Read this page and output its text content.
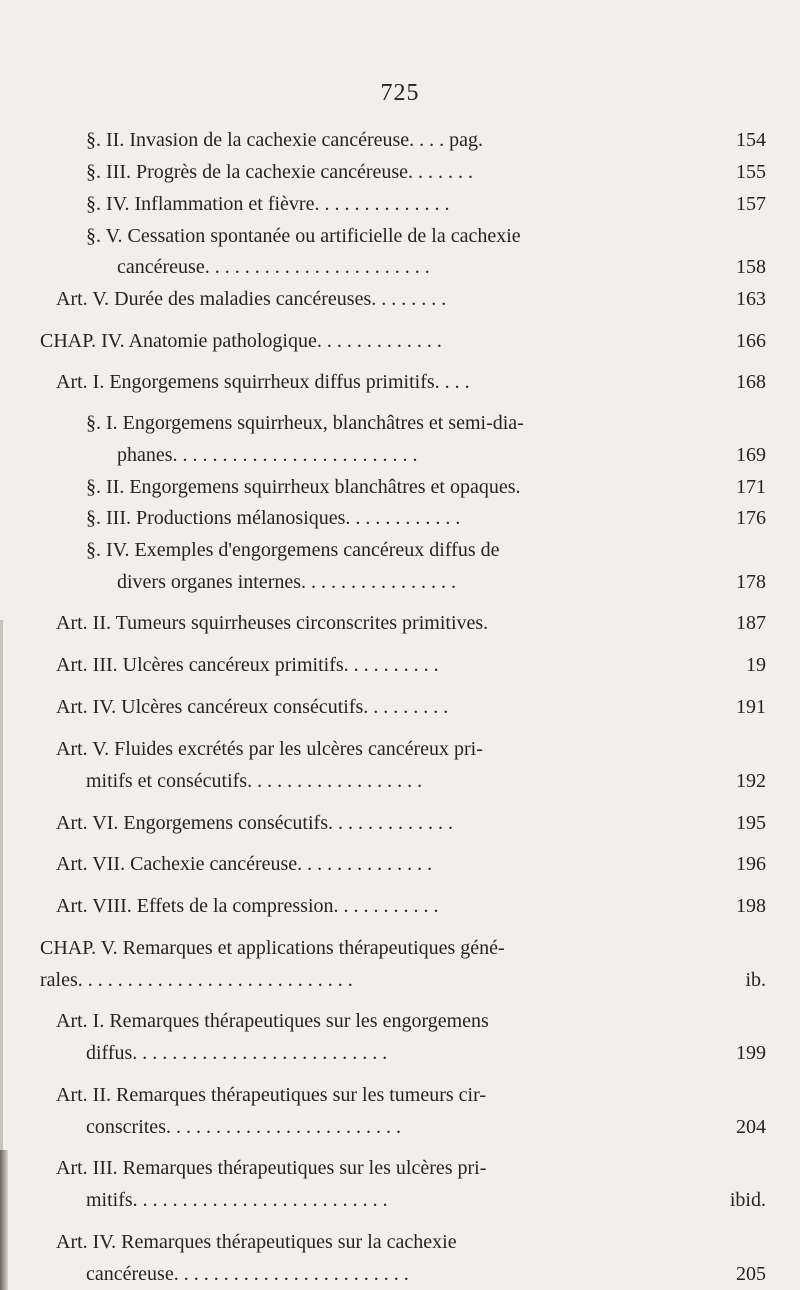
725
§. II. Invasion de la cachexie cancéreuse. . . . pag.	154
§. III. Progrès de la cachexie cancéreuse. . . . . . .	155
§. IV. Inflammation et fièvre. . . . . . . . . . . . . .	157
§. V. Cessation spontanée ou artificielle de la cachexie
cancéreuse. . . . . . . . . . . . . . . . . . . . . . .	158
Art. V. Durée des maladies cancéreuses. . . . . . . .	163
CHAP. IV. Anatomie pathologique. . . . . . . . . . . . .	166
Art. I. Engorgemens squirrheux diffus primitifs. . . .	168
§. I. Engorgemens squirrheux, blanchâtres et semi-dia-
phanes. . . . . . . . . . . . . . . . . . . . . . . . .	169
§. II. Engorgemens squirrheux blanchâtres et opaques.	171
§. III. Productions mélanosiques. . . . . . . . . . . .	176
§. IV. Exemples d'engorgemens cancéreux diffus de
divers organes internes. . . . . . . . . . . . . . . .	178
Art. II. Tumeurs squirrheuses circonscrites primitives.	187
Art. III. Ulcères cancéreux primitifs. . . . . . . . . .	19
Art. IV. Ulcères cancéreux consécutifs. . . . . . . . .	191
Art. V. Fluides excrétés par les ulcères cancéreux pri-
mitifs et consécutifs. . . . . . . . . . . . . . . . . .	192
Art. VI. Engorgemens consécutifs. . . . . . . . . . . . .	195
Art. VII. Cachexie cancéreuse. . . . . . . . . . . . . .	196
Art. VIII. Effets de la compression. . . . . . . . . . .	198
CHAP. V. Remarques et applications thérapeutiques géné-
rales. . . . . . . . . . . . . . . . . . . . . . . . . . . .	ib.
Art. I. Remarques thérapeutiques sur les engorgemens
diffus. . . . . . . . . . . . . . . . . . . . . . . . . .	199
Art. II. Remarques thérapeutiques sur les tumeurs cir-
conscrites. . . . . . . . . . . . . . . . . . . . . . . .	204
Art. III. Remarques thérapeutiques sur les ulcères pri-
mitifs. . . . . . . . . . . . . . . . . . . . . . . . . .	ibid.
Art. IV. Remarques thérapeutiques sur la cachexie
cancéreuse. . . . . . . . . . . . . . . . . . . . . . . .	205
